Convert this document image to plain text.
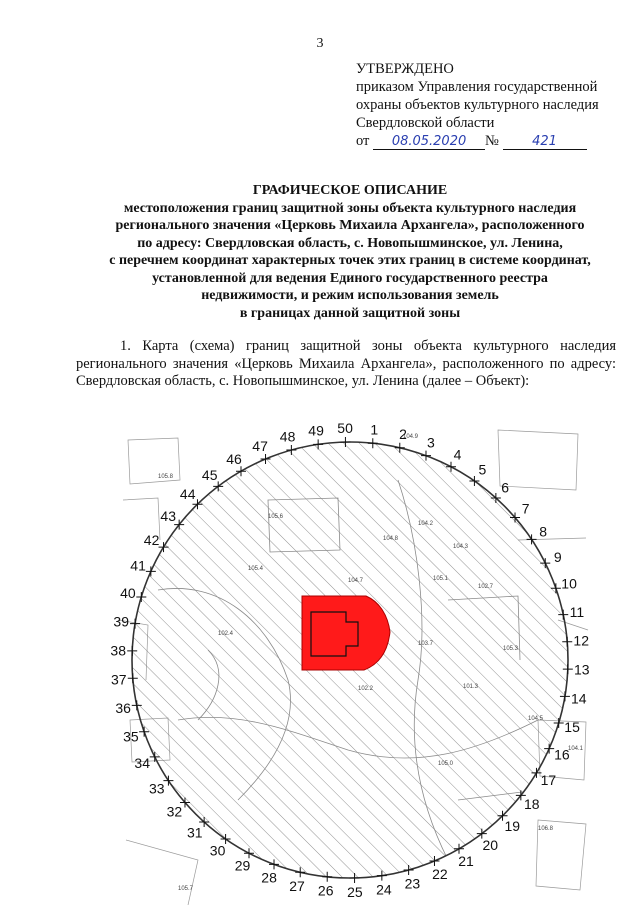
3
УТВЕРЖДЕНО
приказом Управления государственной
охраны объектов культурного наследия
Свердловской области
от 08.05.2020 №	421
ГРАФИЧЕСКОЕ ОПИСАНИЕ
местоположения границ защитной зоны объекта культурного наследия
регионального значения «Церковь Михаила Архангела», расположенного
по адресу: Свердловская область, с. Новопышминское, ул. Ленина,
с перечнем координат характерных точек этих границ в системе координат,
установленной для ведения Единого государственного реестра
недвижимости, и режим использования земель
в границах данной защитной зоны
1. Карта (схема) границ защитной зоны объекта культурного наследия регионального значения «Церковь Михаила Архангела», расположенного по адресу: Свердловская область, с. Новопышминское, ул. Ленина (далее – Объект):
104.9
105.8
105.6
104.8
104.2
105.4
104.7	105.1
104.3
102.7
102.4
103.7
105.3
104.5
102.2	101.3
105.0
104.1
106.8
105.7
1 2
3
4
5
6
7
8
9
10
11
12
13
14
15
16
17
18
19
20
21
22
23
24
25
26
27
28
29
30
31
32
33
34
35
36
37
38
39
40
41
42
43
44
45
46
47
48 49 50
